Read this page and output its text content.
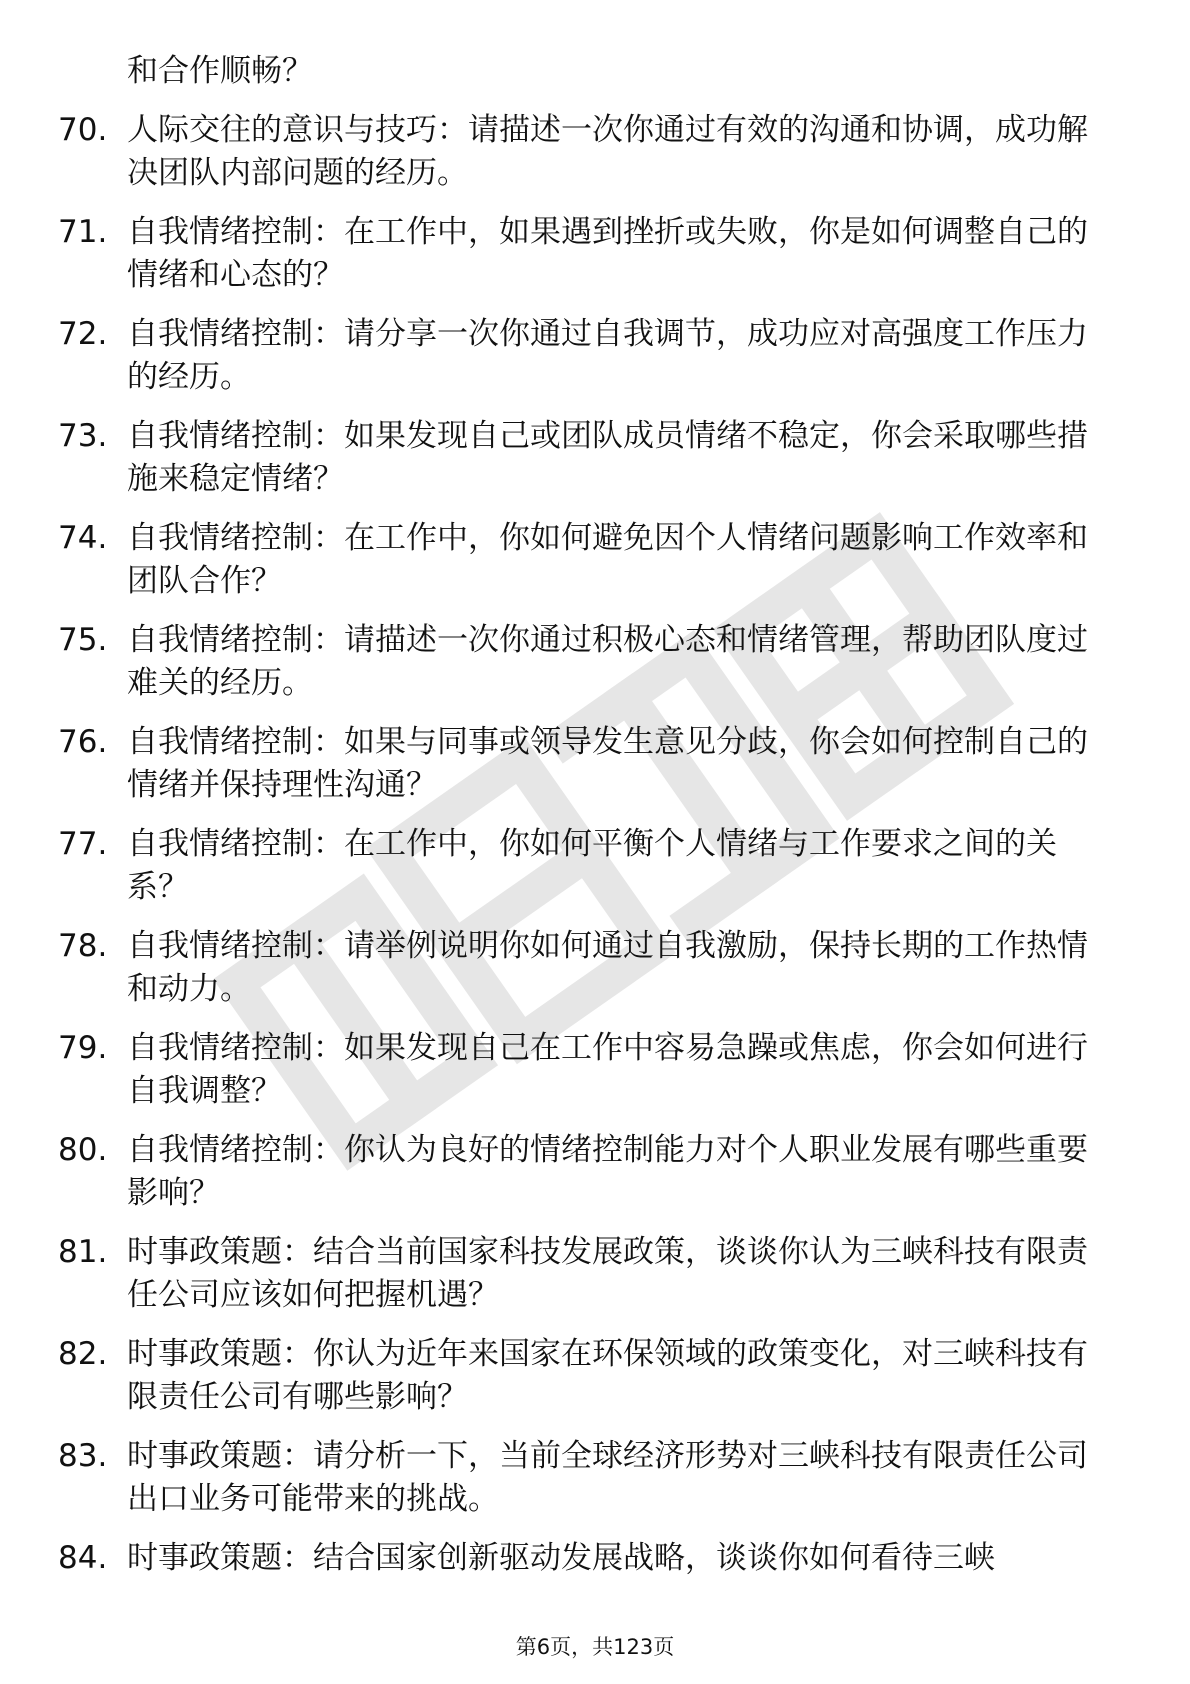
和合作顺畅？
70. 人际交往的意识与技巧：请描述一次你通过有效的沟通和协调，成功解决团队内部问题的经历。
71. 自我情绪控制：在工作中，如果遇到挫折或失败，你是如何调整自己的情绪和心态的？
72. 自我情绪控制：请分享一次你通过自我调节，成功应对高强度工作压力的经历。
73. 自我情绪控制：如果发现自己或团队成员情绪不稳定，你会采取哪些措施来稳定情绪？
74. 自我情绪控制：在工作中，你如何避免因个人情绪问题影响工作效率和团队合作？
75. 自我情绪控制：请描述一次你通过积极心态和情绪管理，帮助团队度过难关的经历。
76. 自我情绪控制：如果与同事或领导发生意见分歧，你会如何控制自己的情绪并保持理性沟通？
77. 自我情绪控制：在工作中，你如何平衡个人情绪与工作要求之间的关系？
78. 自我情绪控制：请举例说明你如何通过自我激励，保持长期的工作热情和动力。
79. 自我情绪控制：如果发现自己在工作中容易急躁或焦虑，你会如何进行自我调整？
80. 自我情绪控制：你认为良好的情绪控制能力对个人职业发展有哪些重要影响？
81. 时事政策题：结合当前国家科技发展政策，谈谈你认为三峡科技有限责任公司应该如何把握机遇？
82. 时事政策题：你认为近年来国家在环保领域的政策变化，对三峡科技有限责任公司有哪些影响？
83. 时事政策题：请分析一下，当前全球经济形势对三峡科技有限责任公司出口业务可能带来的挑战。
84. 时事政策题：结合国家创新驱动发展战略，谈谈你如何看待三峡
第6页，共123页
